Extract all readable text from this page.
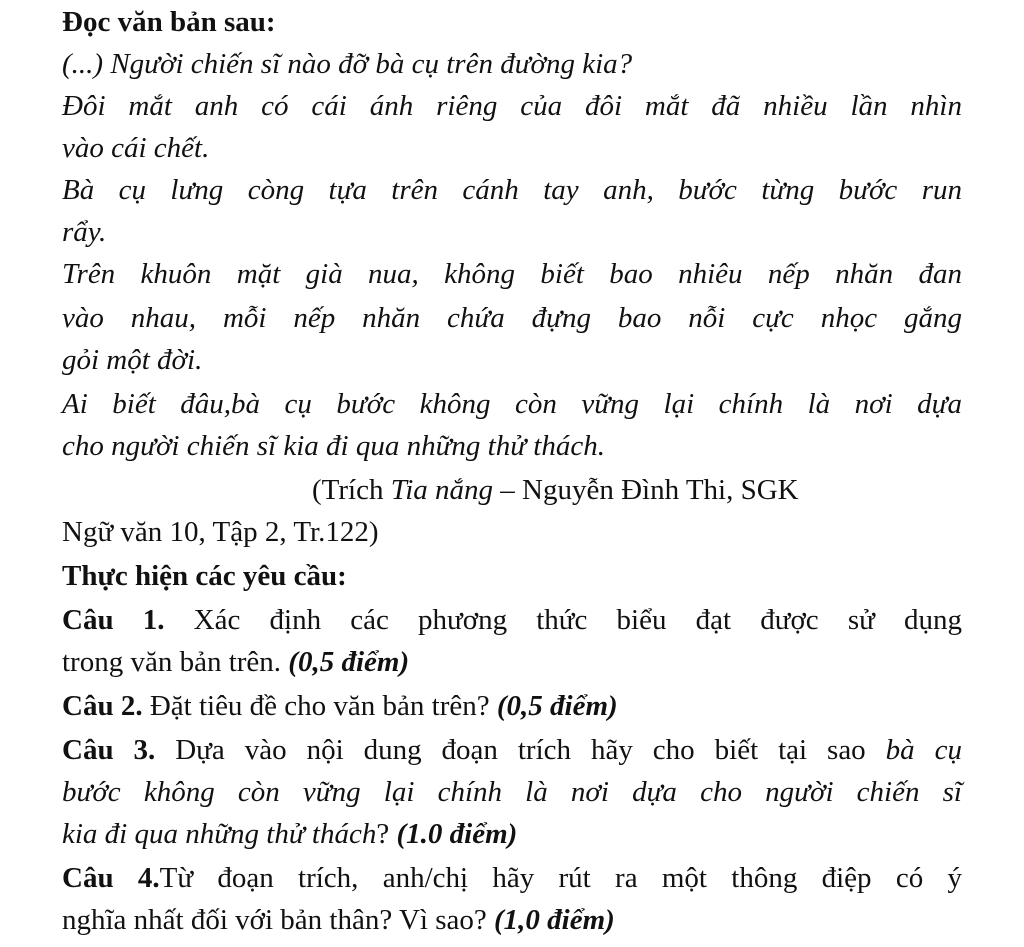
Đọc văn bản sau:
(...) Người chiến sĩ nào đỡ bà cụ trên đường kia?
Đôi mắt anh có cái ánh riêng của đôi mắt đã nhiều lần nhìn
vào cái chết.
Bà cụ lưng còng tựa trên cánh tay anh, bước từng bước run
rẩy.
Trên khuôn mặt già nua, không biết bao nhiêu nếp nhăn đan
vào nhau, mỗi nếp nhăn chứa đựng bao nỗi cực nhọc gắng
gỏi một đời.
Ai biết đâu,bà cụ bước không còn vững lại chính là nơi dựa
cho người chiến sĩ kia đi qua những thử thách.
(Trích Tia nắng – Nguyễn Đình Thi, SGK
Ngữ văn 10, Tập 2, Tr.122)
Thực hiện các yêu cầu:
Câu 1. Xác định các phương thức biểu đạt được sử dụng
trong văn bản trên. (0,5 điểm)
Câu 2. Đặt tiêu đề cho văn bản trên? (0,5 điểm)
Câu 3. Dựa vào nội dung đoạn trích hãy cho biết tại sao bà cụ
bước không còn vững lại chính là nơi dựa cho người chiến sĩ
kia đi qua những thử thách? (1.0 điểm)
Câu 4.Từ đoạn trích, anh/chị hãy rút ra một thông điệp có ý
nghĩa nhất đối với bản thân? Vì sao? (1,0 điểm)
